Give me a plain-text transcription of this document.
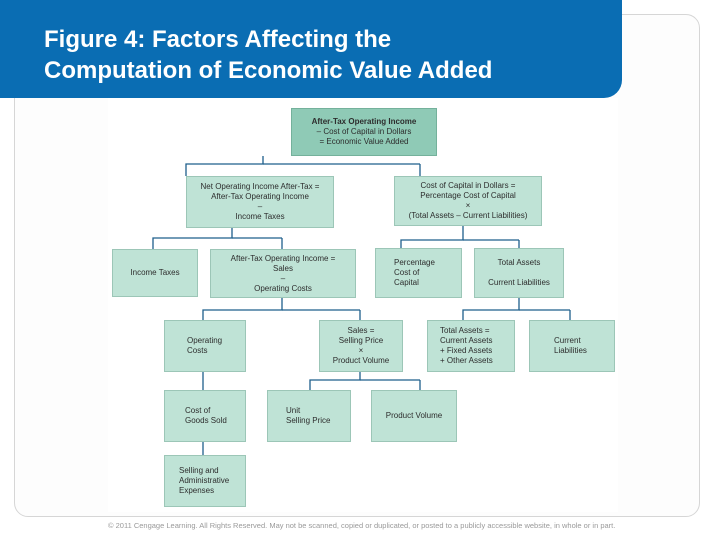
Figure 4: Factors Affecting the
Computation of Economic Value Added
After-Tax Operating Income
– Cost of Capital in Dollars
= Economic Value Added
Net Operating Income After-Tax =
After-Tax Operating Income
–
Income Taxes
Cost of Capital in Dollars =
Percentage Cost of Capital
×
(Total Assets – Current Liabilities)
Income Taxes
After-Tax Operating Income =
Sales
–
Operating Costs
Percentage
Cost of
Capital
Total Assets
–
Current Liabilities
Operating
Costs
Sales =
Selling Price
×
Product Volume
Total Assets =
Current Assets
+ Fixed Assets
+ Other Assets
Current
Liabilities
Cost of
Goods Sold
Unit
Selling Price
Product Volume
Selling and
Administrative
Expenses
© 2011 Cengage Learning. All Rights Reserved. May not be scanned, copied or duplicated, or posted to a publicly accessible website, in whole or in part.
